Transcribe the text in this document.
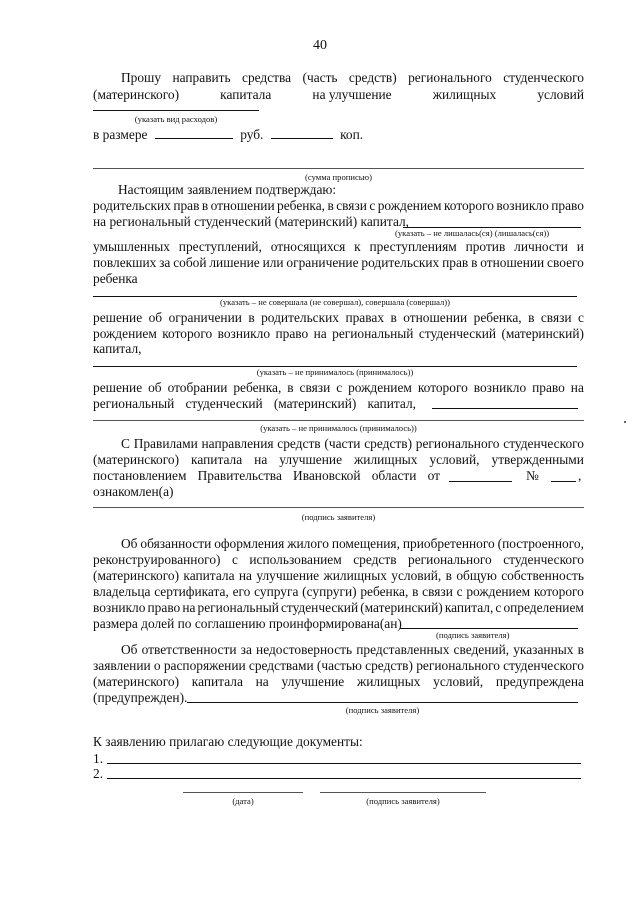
40
Прошу направить средства (часть средств) регионального студенческого
(материнского)	капитала	на улучшение	жилищных	условий
(указать вид расходов)
в размере	руб.	коп.
(сумма прописью)
Настоящим заявлением подтверждаю:
родительских прав в отношении ребенка, в связи с рождением которого возникло право
на региональный студенческий (материнский) капитал,
(указать – не лишалась(ся) (лишалась(ся))
умышленных преступлений, относящихся к преступлениям против личности и
повлекших за собой лишение или ограничение родительских прав в отношении своего
ребенка
(указать – не совершала (не совершал), совершала (совершал))
решение об ограничении в родительских правах в отношении ребенка, в связи с
рождением которого возникло право на региональный студенческий (материнский)
капитал,
(указать – не принималось (принималось))
решение об отобрании ребенка, в связи с рождением которого возникло право на
региональный студенческий (материнский) капитал,
(указать – не принималось (принималось))
С Правилами направления средств (части средств) регионального студенческого
(материнского) капитала на улучшение жилищных условий, утвержденными
постановлением Правительства Ивановской области от	№	,
ознакомлен(а)
(подпись заявителя)
Об обязанности оформления жилого помещения, приобретенного (построенного,
реконструированного) с использованием средств регионального студенческого
(материнского) капитала на улучшение жилищных условий, в общую собственность
владельца сертификата, его супруга (супруги) ребенка, в связи с рождением которого
возникло право на региональный студенческий (материнский) капитал, с определением
размера долей по соглашению проинформирована(ан)
(подпись заявителя)
Об ответственности за недостоверность представленных сведений, указанных в
заявлении о распоряжении средствами (частью средств) регионального студенческого
(материнского) капитала на улучшение жилищных условий, предупреждена
(предупрежден).
(подпись заявителя)
К заявлению прилагаю следующие документы:
1.
2.
(дата)	(подпись заявителя)
